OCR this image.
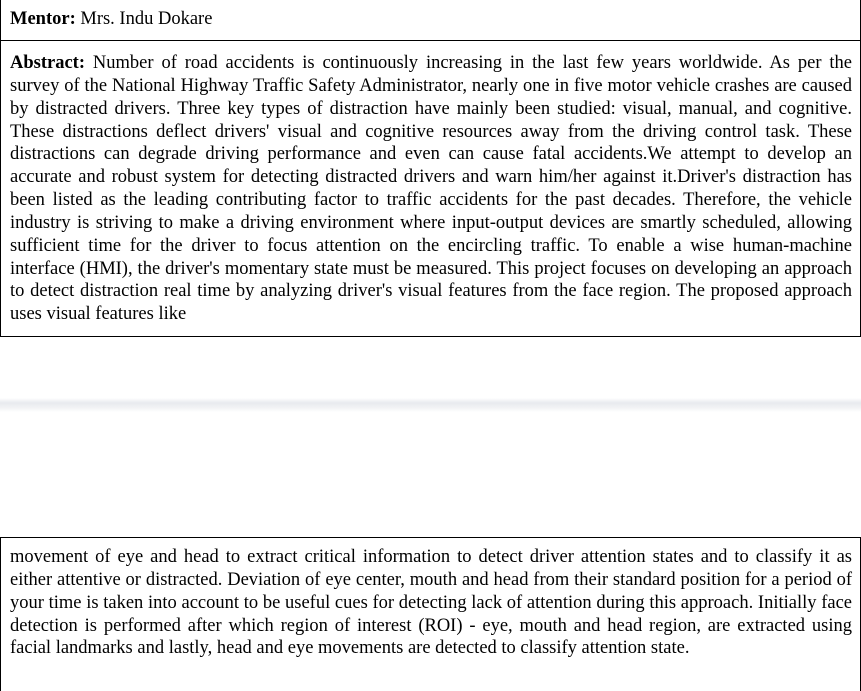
Mentor: Mrs. Indu Dokare
Abstract: Number of road accidents is continuously increasing in the last few years worldwide. As per the survey of the National Highway Traffic Safety Administrator, nearly one in five motor vehicle crashes are caused by distracted drivers. Three key types of distraction have mainly been studied: visual, manual, and cognitive. These distractions deflect drivers' visual and cognitive resources away from the driving control task. These distractions can degrade driving performance and even can cause fatal accidents.We attempt to develop an accurate and robust system for detecting distracted drivers and warn him/her against it.Driver's distraction has been listed as the leading contributing factor to traffic accidents for the past decades. Therefore, the vehicle industry is striving to make a driving environment where input-output devices are smartly scheduled, allowing sufficient time for the driver to focus attention on the encircling traffic. To enable a wise human-machine interface (HMI), the driver's momentary state must be measured. This project focuses on developing an approach to detect distraction real time by analyzing driver's visual features from the face region. The proposed approach uses visual features like
movement of eye and head to extract critical information to detect driver attention states and to classify it as either attentive or distracted. Deviation of eye center, mouth and head from their standard position for a period of your time is taken into account to be useful cues for detecting lack of attention during this approach. Initially face detection is performed after which region of interest (ROI) - eye, mouth and head region, are extracted using facial landmarks and lastly, head and eye movements are detected to classify attention state.
